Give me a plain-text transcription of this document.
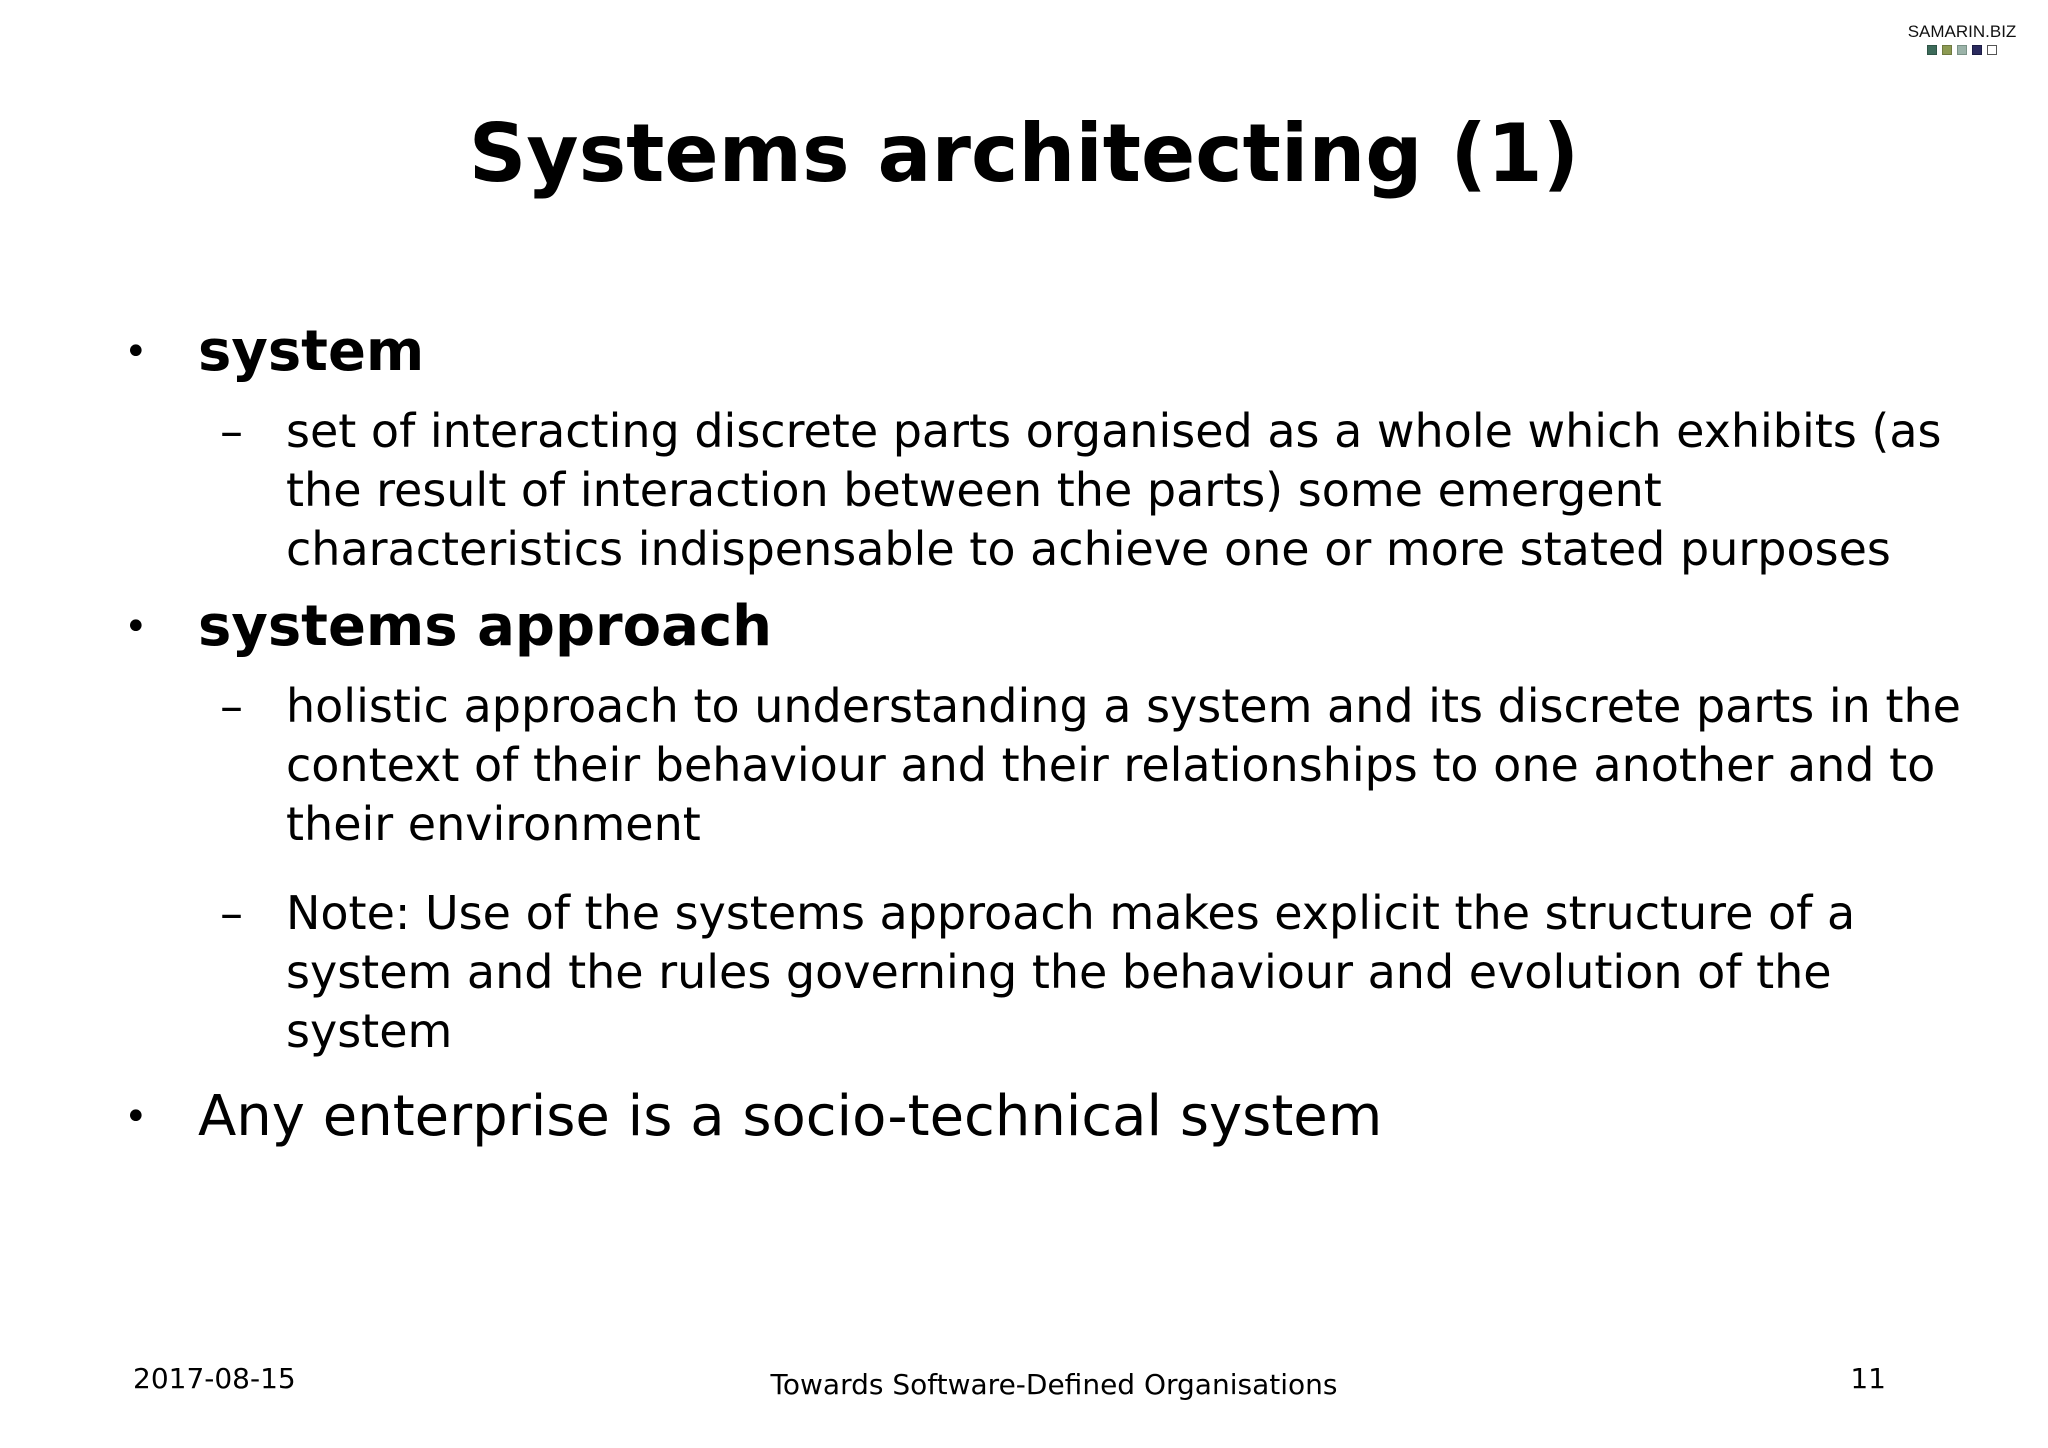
SAMARIN.BIZ
Systems architecting (1)
• system
– set of interacting discrete parts organised as a whole which exhibits (as the result of interaction between the parts) some emergent characteristics indispensable to achieve one or more stated purposes
• systems approach
– holistic approach to understanding a system and its discrete parts in the context of their behaviour and their relationships to one another and to their environment
– Note: Use of the systems approach makes explicit the structure of a system and the rules governing the behaviour and evolution of the system
• Any enterprise is a socio-technical system
2017-08-15	Towards Software-Defined Organisations	11
